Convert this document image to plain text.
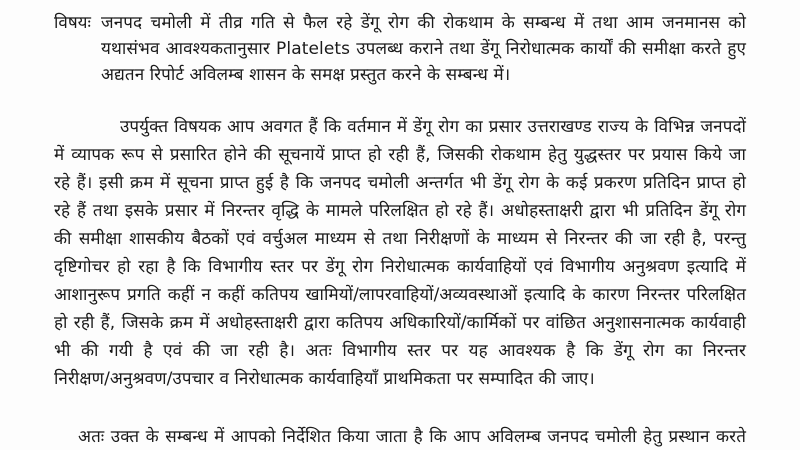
विषयः जनपद चमोली में तीव्र गति से फैल रहे डेंगू रोग की रोकथाम के सम्बन्ध में तथा आम जनमानस को
यथासंभव आवश्यकतानुसार Platelets उपलब्ध कराने तथा डेंगू निरोधात्मक कार्यों की समीक्षा करते हुए
अद्यतन रिपोर्ट अविलम्ब शासन के समक्ष प्रस्तुत करने के सम्बन्ध में।
उपर्युक्त विषयक आप अवगत हैं कि वर्तमान में डेंगू रोग का प्रसार उत्तराखण्ड राज्य के विभिन्न जनपदों
में व्यापक रूप से प्रसारित होने की सूचनायें प्राप्त हो रही हैं, जिसकी रोकथाम हेतु युद्धस्तर पर प्रयास किये जा
रहे हैं। इसी क्रम में सूचना प्राप्त हुई है कि जनपद चमोली अन्तर्गत भी डेंगू रोग के कई प्रकरण प्रतिदिन प्राप्त हो
रहे हैं तथा इसके प्रसार में निरन्तर वृद्धि के मामले परिलक्षित हो रहे हैं। अधोहस्ताक्षरी द्वारा भी प्रतिदिन डेंगू रोग
की समीक्षा शासकीय बैठकों एवं वर्चुअल माध्यम से तथा निरीक्षणों के माध्यम से निरन्तर की जा रही है, परन्तु
दृष्टिगोचर हो रहा है कि विभागीय स्तर पर डेंगू रोग निरोधात्मक कार्यवाहियों एवं विभागीय अनुश्रवण इत्यादि में
आशानुरूप प्रगति कहीं न कहीं कतिपय खामियों/लापरवाहियों/अव्यवस्थाओं इत्यादि के कारण निरन्तर परिलक्षित
हो रही हैं, जिसके क्रम में अधोहस्ताक्षरी द्वारा कतिपय अधिकारियों/कार्मिकों पर वांछित अनुशासनात्मक कार्यवाही
भी की गयी है एवं की जा रही है। अतः विभागीय स्तर पर यह आवश्यक है कि डेंगू रोग का निरन्तर
निरीक्षण/अनुश्रवण/उपचार व निरोधात्मक कार्यवाहियाँ प्राथमिकता पर सम्पादित की जाए।
अतः उक्त के सम्बन्ध में आपको निर्देशित किया जाता है कि आप अविलम्ब जनपद चमोली हेतु प्रस्थान करते
